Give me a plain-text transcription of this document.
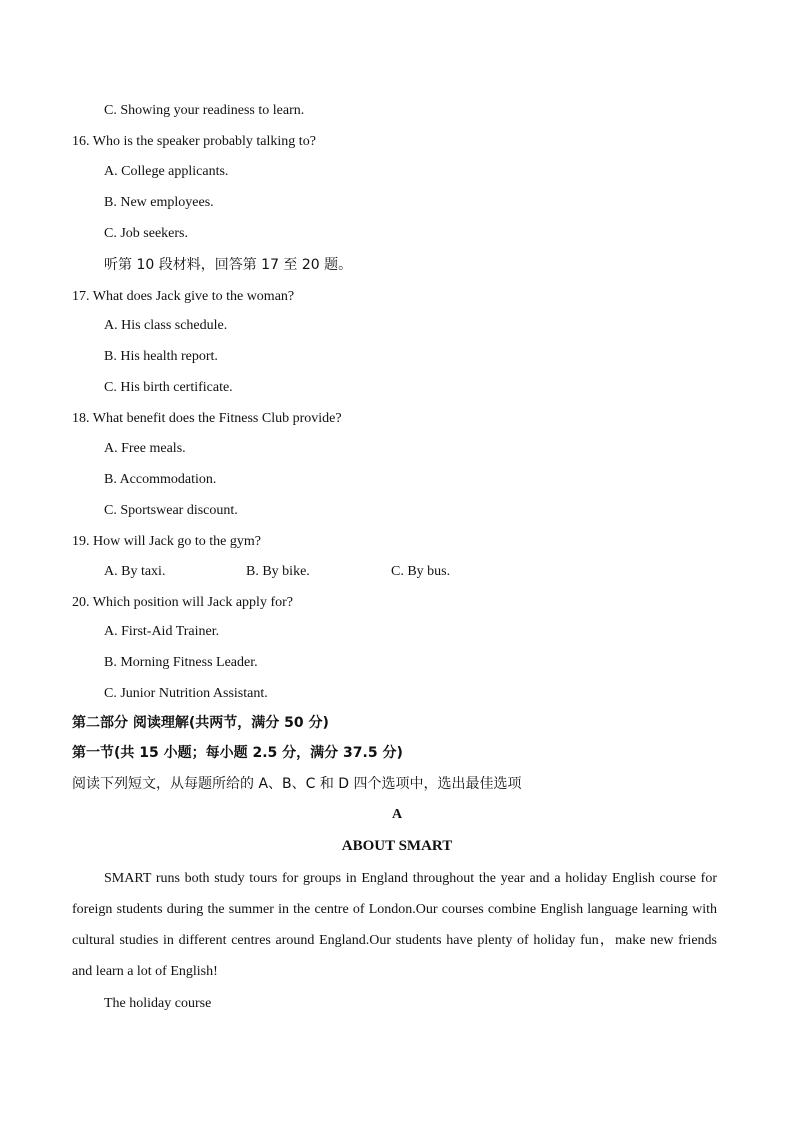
C. Showing your readiness to learn.
16. Who is the speaker probably talking to?
A. College applicants.
B. New employees.
C. Job seekers.
听第 10 段材料，回答第 17 至 20 题。
17. What does Jack give to the woman?
A. His class schedule.
B. His health report.
C. His birth certificate.
18. What benefit does the Fitness Club provide?
A. Free meals.
B. Accommodation.
C. Sportswear discount.
19. How will Jack go to the gym?
A. By taxi.	B. By bike.	C. By bus.
20. Which position will Jack apply for?
A. First-Aid Trainer.
B. Morning Fitness Leader.
C. Junior Nutrition Assistant.
第二部分 阅读理解(共两节，满分 50 分)
第一节(共 15 小题；每小题 2.5 分，满分 37.5 分)
阅读下列短文，从每题所给的 A、B、C 和 D 四个选项中，选出最佳选项
A
ABOUT SMART
SMART runs both study tours for groups in England throughout the year and a holiday English course for foreign students during the summer in the centre of London.Our courses combine English language learning with cultural studies in different centres around England.Our students have plenty of holiday fun，make new friends and learn a lot of English!
The holiday course
